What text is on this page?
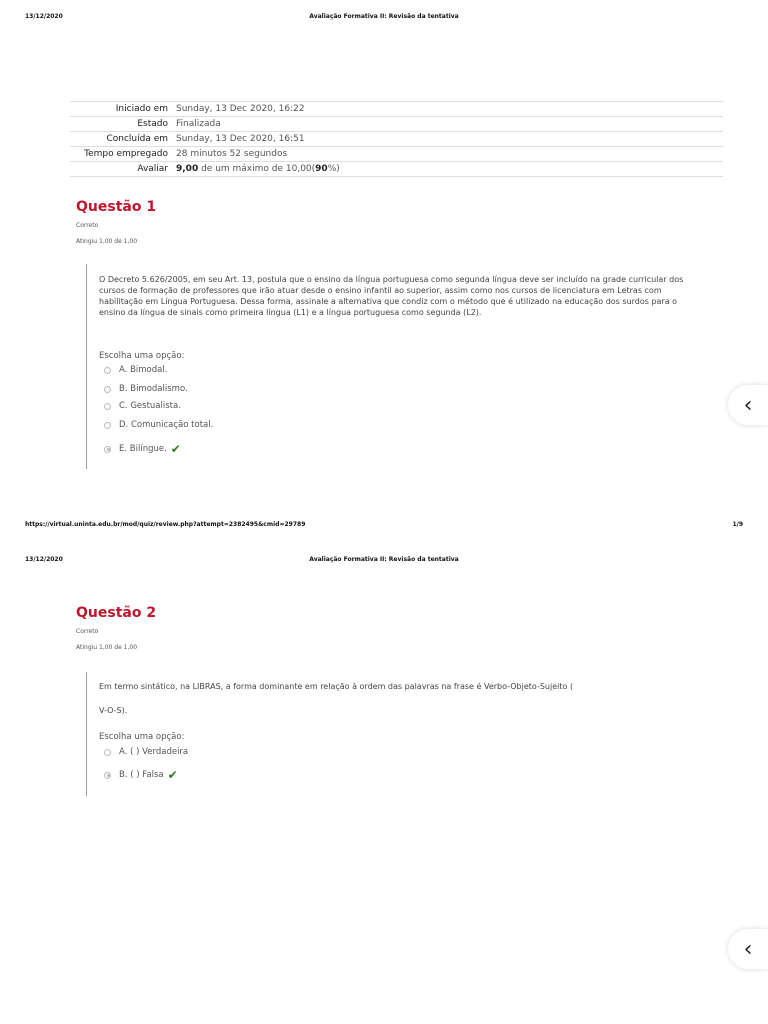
13/12/2020	Avaliação Formativa II: Revisão da tentativa
Iniciado em	Sunday, 13 Dec 2020, 16:22
Estado	Finalizada
Concluída em	Sunday, 13 Dec 2020, 16:51
Tempo empregado	28 minutos 52 segundos
Avaliar	9,00 de um máximo de 10,00(90%)
Questão 1
Correto
Atingiu 1,00 de 1,00
O Decreto 5.626/2005, em seu Art. 13, postula que o ensino da língua portuguesa como segunda língua deve ser incluído na grade curricular dos cursos de formação de professores que irão atuar desde o ensino infantil ao superior, assim como nos cursos de licenciatura em Letras com habilitação em Língua Portuguesa. Dessa forma, assinale a alternativa que condiz com o método que é utilizado na educação dos surdos para o ensino da língua de sinais como primeira língua (L1) e a língua portuguesa como segunda (L2).
Escolha uma opção:
A. Bimodal.
B. Bimodalismo.
C. Gestualista.
D. Comunicação total.
E. Bilíngue. ✔
‹
https://virtual.uninta.edu.br/mod/quiz/review.php?attempt=2382495&cmid=29789	1/9
13/12/2020	Avaliação Formativa II: Revisão da tentativa
Questão 2
Correto
Atingiu 1,00 de 1,00
Em termo sintático, na LIBRAS, a forma dominante em relação à ordem das palavras na frase é Verbo-Objeto-Sujeito (
V-O-S).
Escolha uma opção:
A. ( ) Verdadeira
B. ( ) Falsa ✔
‹
